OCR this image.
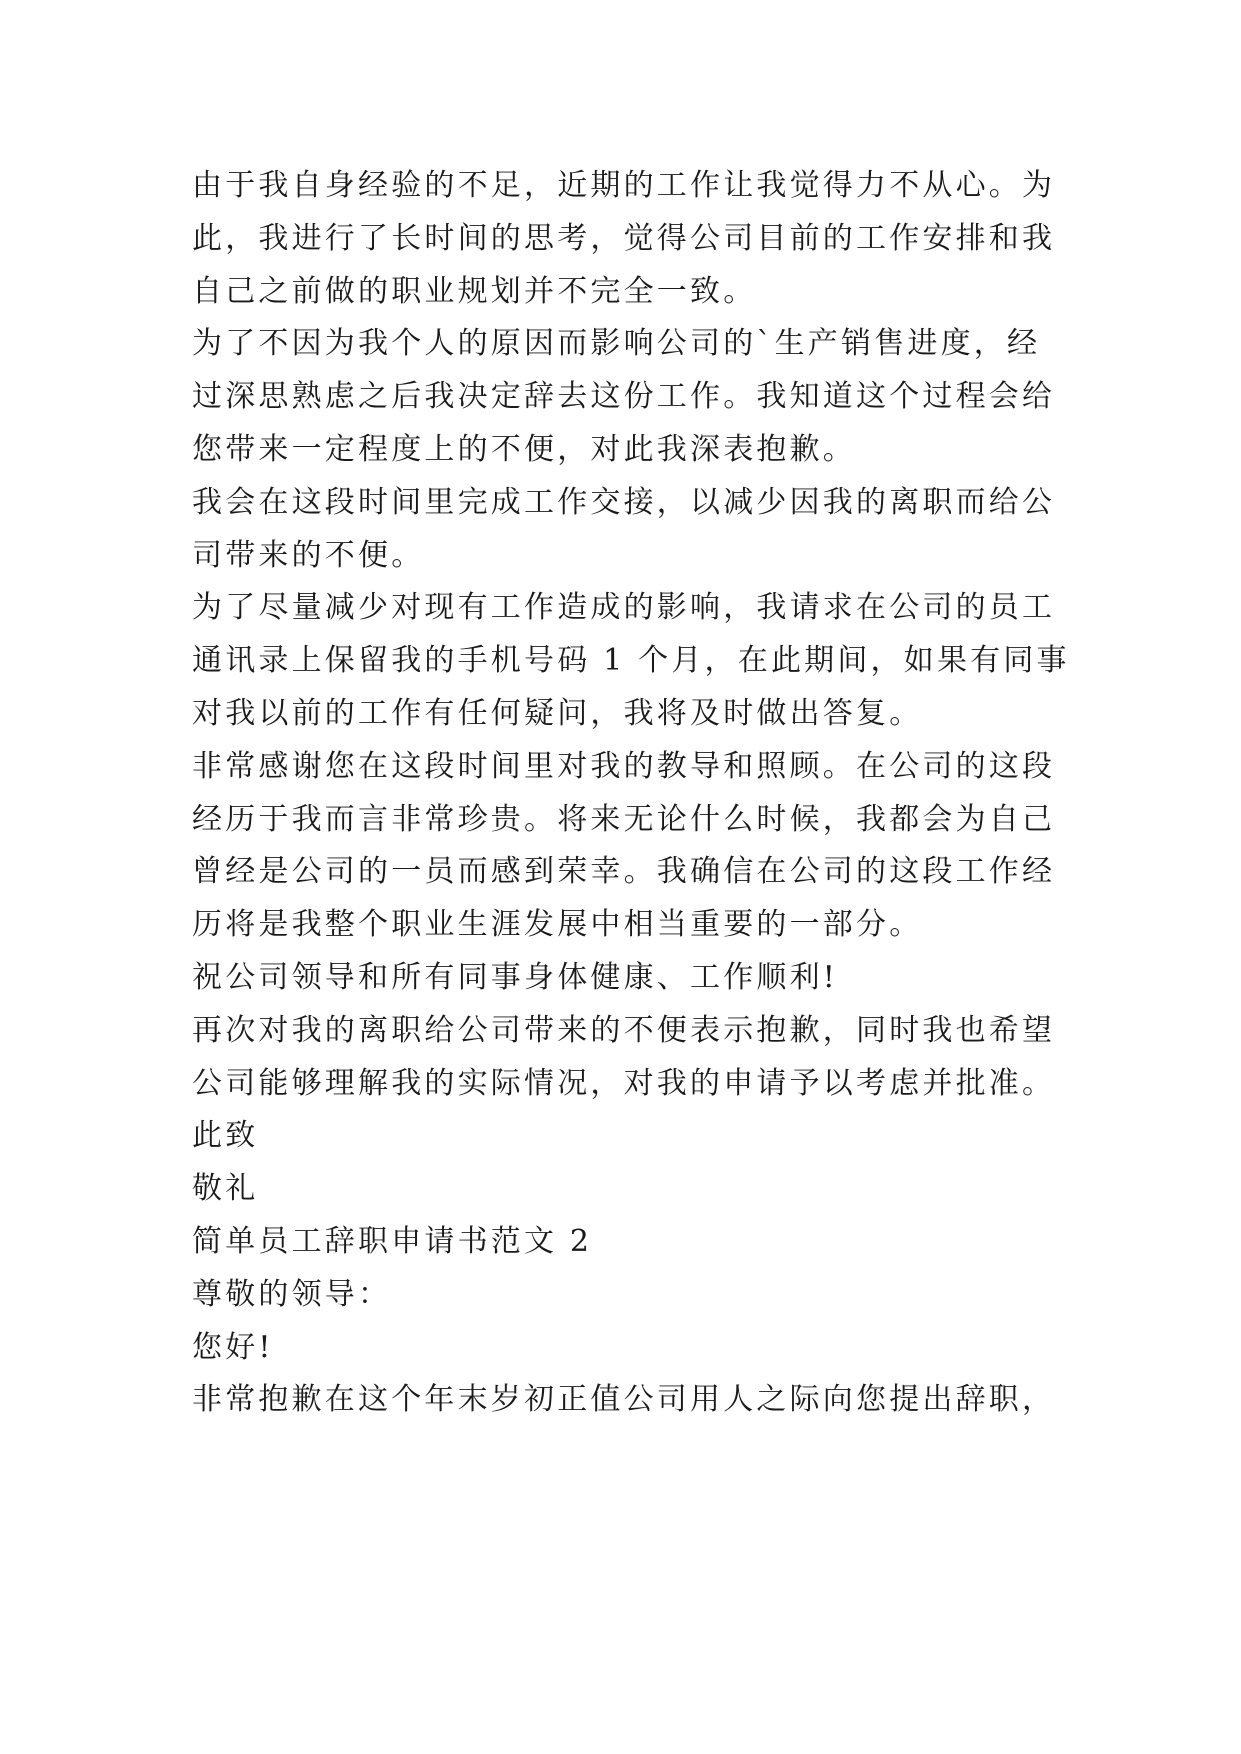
由于我自身经验的不足，近期的工作让我觉得力不从心。为
此，我进行了长时间的思考，觉得公司目前的工作安排和我
自己之前做的职业规划并不完全一致。
为了不因为我个人的原因而影响公司的`生产销售进度，经
过深思熟虑之后我决定辞去这份工作。我知道这个过程会给
您带来一定程度上的不便，对此我深表抱歉。
我会在这段时间里完成工作交接，以减少因我的离职而给公
司带来的不便。
为了尽量减少对现有工作造成的影响，我请求在公司的员工
通讯录上保留我的手机号码 1 个月，在此期间，如果有同事
对我以前的工作有任何疑问，我将及时做出答复。
非常感谢您在这段时间里对我的教导和照顾。在公司的这段
经历于我而言非常珍贵。将来无论什么时候，我都会为自己
曾经是公司的一员而感到荣幸。我确信在公司的这段工作经
历将是我整个职业生涯发展中相当重要的一部分。
祝公司领导和所有同事身体健康、工作顺利!
再次对我的离职给公司带来的不便表示抱歉，同时我也希望
公司能够理解我的实际情况，对我的申请予以考虑并批准。
此致
敬礼
简单员工辞职申请书范文 2
尊敬的领导：
您好!
非常抱歉在这个年末岁初正值公司用人之际向您提出辞职，
